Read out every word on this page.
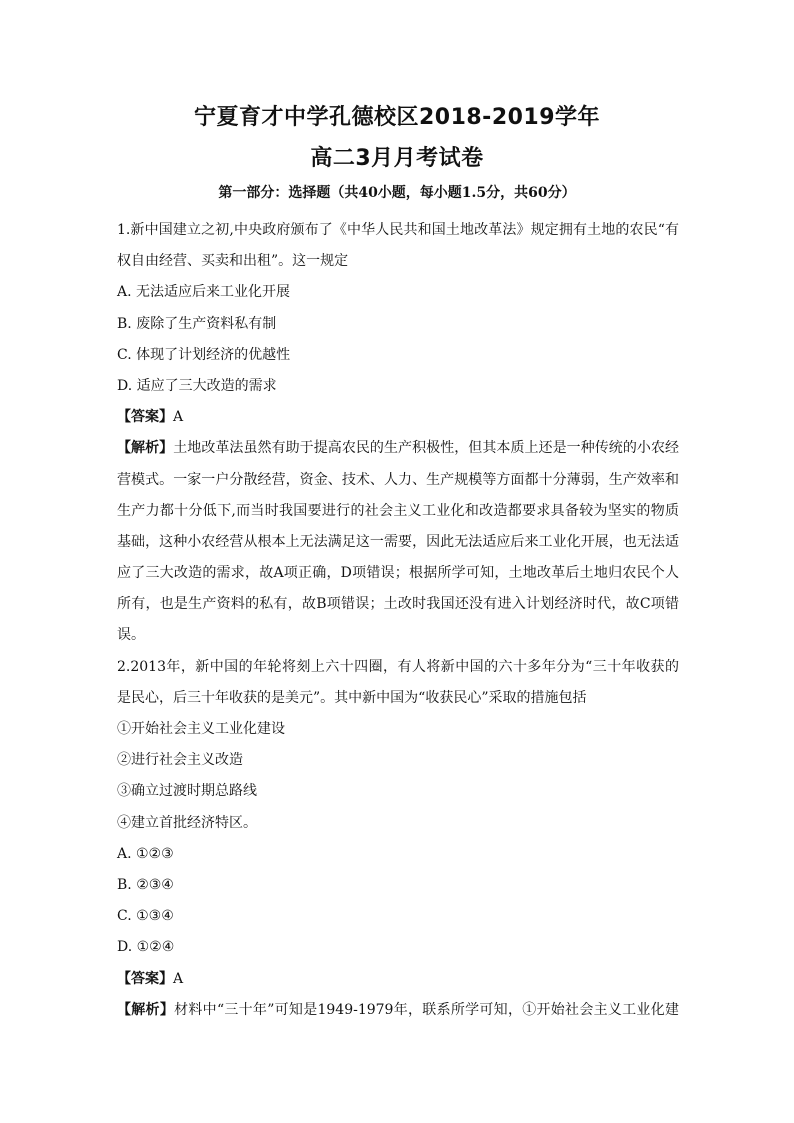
宁夏育才中学孔德校区2018-2019学年
高二3月月考试卷
第一部分：选择题（共40小题，每小题1.5分，共60分）
1.新中国建立之初,中央政府颁布了《中华人民共和国土地改革法》规定拥有土地的农民“有
权自由经营、买卖和出租”。这一规定
A. 无法适应后来工业化开展
B. 废除了生产资料私有制
C. 体现了计划经济的优越性
D. 适应了三大改造的需求
【答案】A
【解析】土地改革法虽然有助于提高农民的生产积极性，但其本质上还是一种传统的小农经
营模式。一家一户分散经营，资金、技术、人力、生产规模等方面都十分薄弱，生产效率和
生产力都十分低下,而当时我国要进行的社会主义工业化和改造都要求具备较为坚实的物质
基础，这种小农经营从根本上无法满足这一需要，因此无法适应后来工业化开展，也无法适
应了三大改造的需求，故A项正确，D项错误；根据所学可知，土地改革后土地归农民个人
所有，也是生产资料的私有，故B项错误；土改时我国还没有进入计划经济时代，故C项错
误。
2.2013年，新中国的年轮将刻上六十四圈，有人将新中国的六十多年分为“三十年收获的
是民心，后三十年收获的是美元”。其中新中国为“收获民心”采取的措施包括
①开始社会主义工业化建设
②进行社会主义改造
③确立过渡时期总路线
④建立首批经济特区。
A. ①②③
B. ②③④
C. ①③④
D. ①②④
【答案】A
【解析】材料中“三十年”可知是1949-1979年，联系所学可知，①开始社会主义工业化建
